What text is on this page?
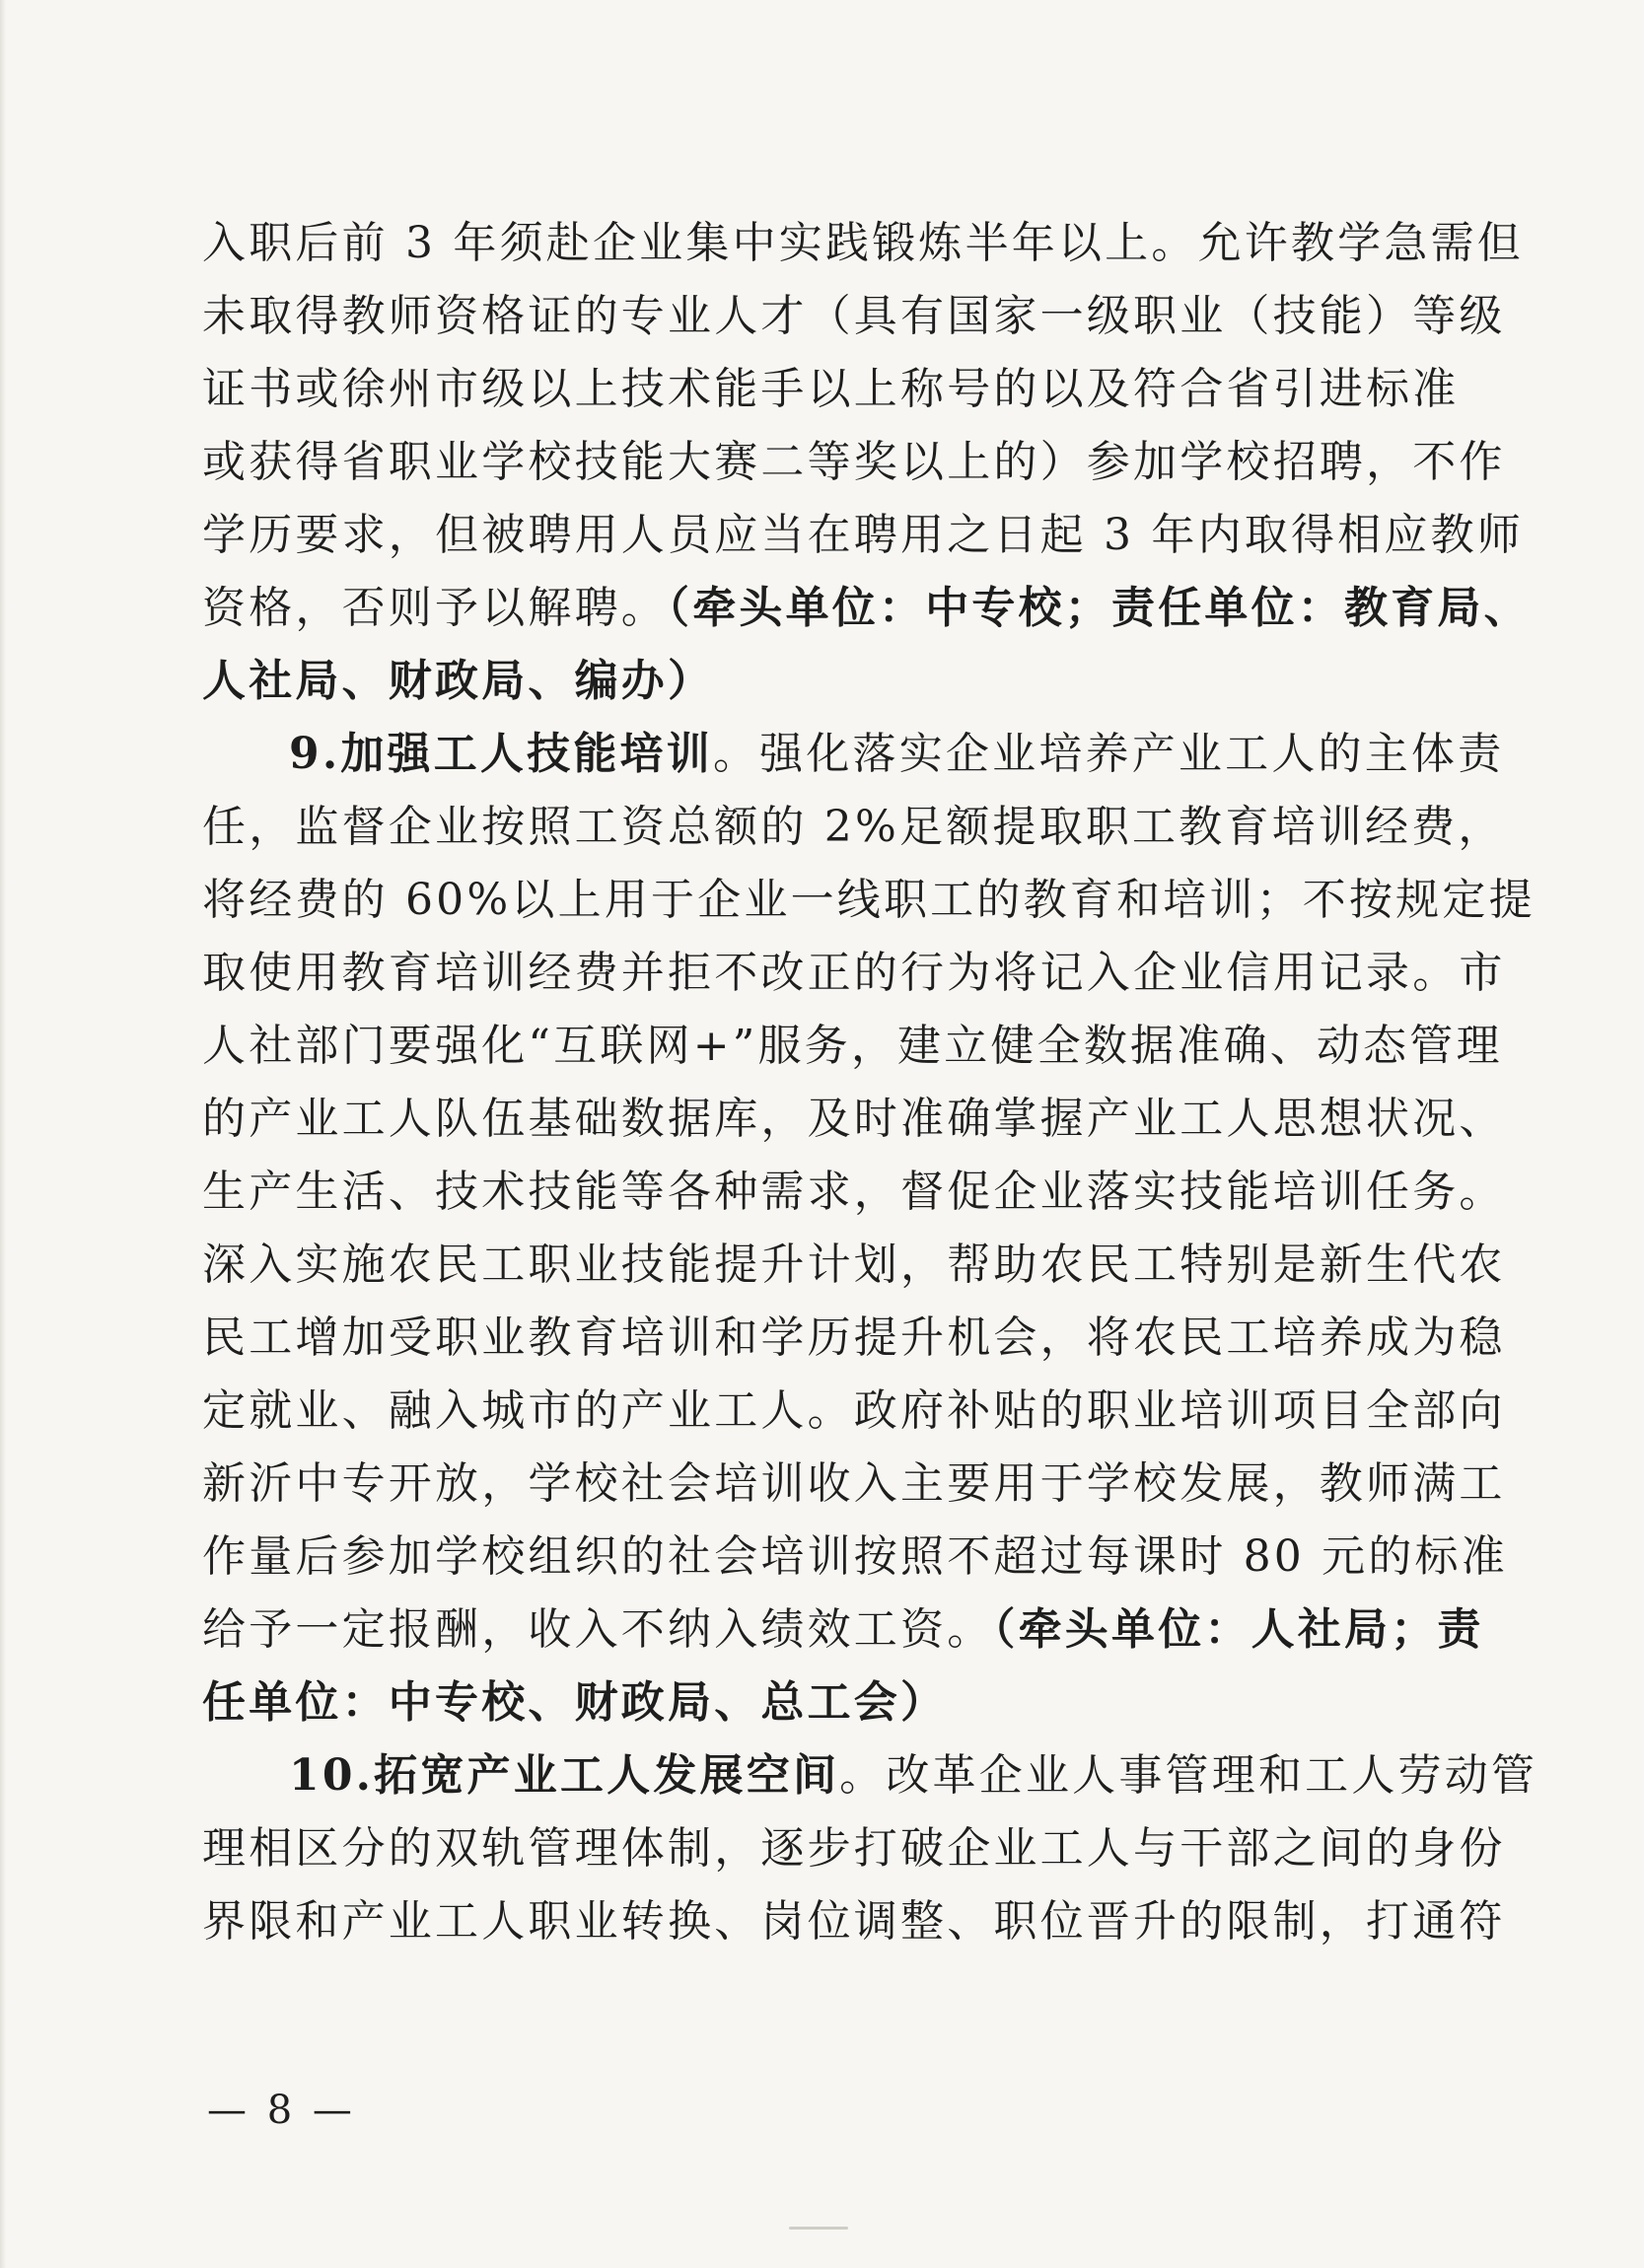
入职后前 3 年须赴企业集中实践锻炼半年以上。允许教学急需但
未取得教师资格证的专业人才（具有国家一级职业（技能）等级
证书或徐州市级以上技术能手以上称号的以及符合省引进标准
或获得省职业学校技能大赛二等奖以上的）参加学校招聘，不作
学历要求，但被聘用人员应当在聘用之日起 3 年内取得相应教师
资格，否则予以解聘。（牵头单位：中专校；责任单位：教育局、
人社局、财政局、编办）
9.加强工人技能培训。强化落实企业培养产业工人的主体责
任，监督企业按照工资总额的 2%足额提取职工教育培训经费，
将经费的 60%以上用于企业一线职工的教育和培训；不按规定提
取使用教育培训经费并拒不改正的行为将记入企业信用记录。市
人社部门要强化“互联网+”服务，建立健全数据准确、动态管理
的产业工人队伍基础数据库，及时准确掌握产业工人思想状况、
生产生活、技术技能等各种需求，督促企业落实技能培训任务。
深入实施农民工职业技能提升计划，帮助农民工特别是新生代农
民工增加受职业教育培训和学历提升机会，将农民工培养成为稳
定就业、融入城市的产业工人。政府补贴的职业培训项目全部向
新沂中专开放，学校社会培训收入主要用于学校发展，教师满工
作量后参加学校组织的社会培训按照不超过每课时 80 元的标准
给予一定报酬，收入不纳入绩效工资。（牵头单位：人社局；责
任单位：中专校、财政局、总工会）
10.拓宽产业工人发展空间。改革企业人事管理和工人劳动管
理相区分的双轨管理体制，逐步打破企业工人与干部之间的身份
界限和产业工人职业转换、岗位调整、职位晋升的限制，打通符
— 8 —
